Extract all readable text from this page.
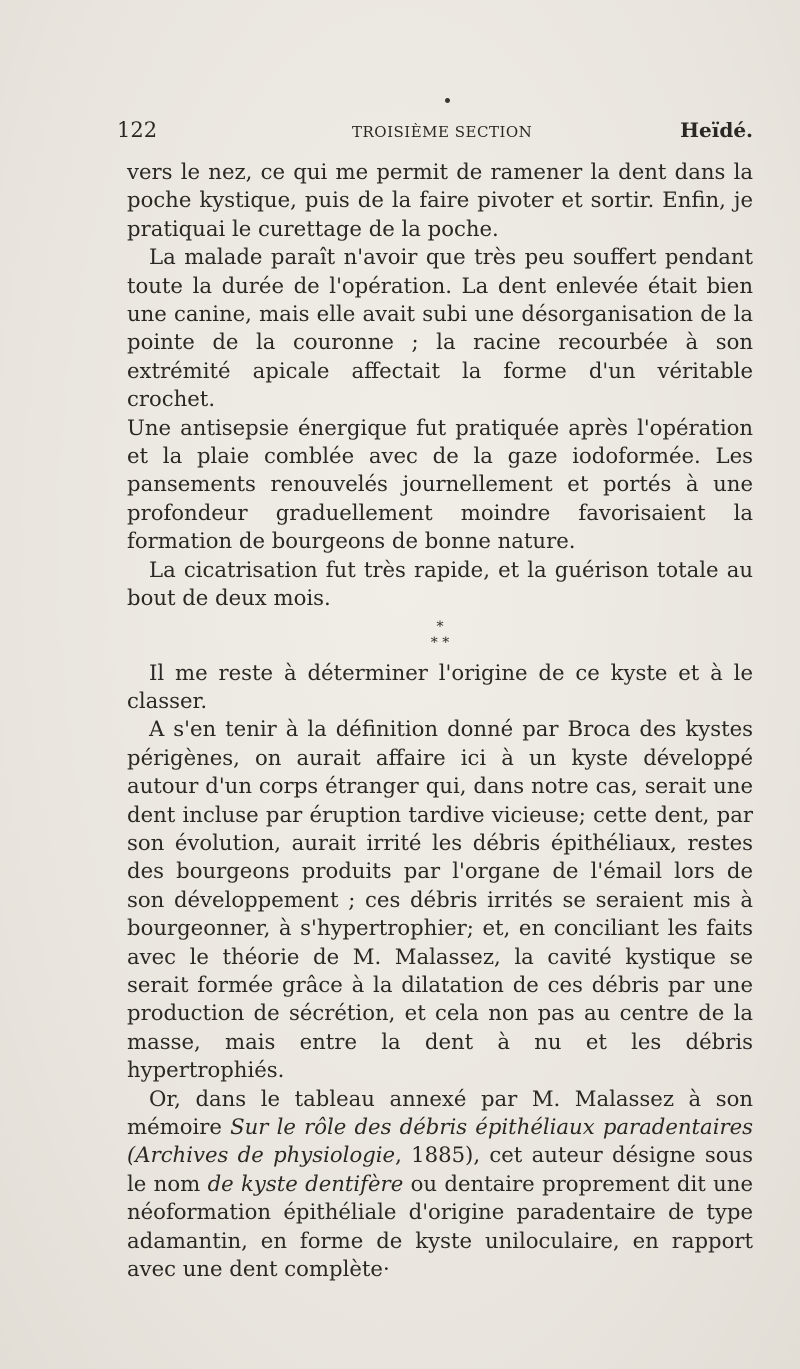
122	TROISIÈME SECTION	Heïdé.

vers le nez, ce qui me permit de ramener la dent dans la poche kystique, puis de la faire pivoter et sortir. Enfin, je pratiquai le curettage de la poche.

La malade paraît n'avoir que très peu souffert pendant toute la durée de l'opération. La dent enlevée était bien une canine, mais elle avait subi une désorganisation de la pointe de la couronne ; la racine recourbée à son extrémité apicale affectait la forme d'un véritable crochet.

Une antisepsie énergique fut pratiquée après l'opération et la plaie comblée avec de la gaze iodoformée. Les pansements renouvelés journellement et portés à une profondeur graduellement moindre favorisaient la formation de bourgeons de bonne nature.

La cicatrisation fut très rapide, et la guérison totale au bout de deux mois.

*
* *

Il me reste à déterminer l'origine de ce kyste et à le classer.

A s'en tenir à la définition donné par Broca des kystes périgènes, on aurait affaire ici à un kyste développé autour d'un corps étranger qui, dans notre cas, serait une dent incluse par éruption tardive vicieuse; cette dent, par son évolution, aurait irrité les débris épithéliaux, restes des bourgeons produits par l'organe de l'émail lors de son développement ; ces débris irrités se seraient mis à bourgeonner, à s'hypertrophier; et, en conciliant les faits avec le théorie de M. Malassez, la cavité kystique se serait formée grâce à la dilatation de ces débris par une production de sécrétion, et cela non pas au centre de la masse, mais entre la dent à nu et les débris hypertrophiés.

Or, dans le tableau annexé par M. Malassez à son mémoire Sur le rôle des débris épithéliaux paradentaires (Archives de physiologie, 1885), cet auteur désigne sous le nom de kyste dentifère ou dentaire proprement dit une néoformation épithéliale d'origine paradentaire de type adamantin, en forme de kyste uniloculaire, en rapport avec une dent complète·
